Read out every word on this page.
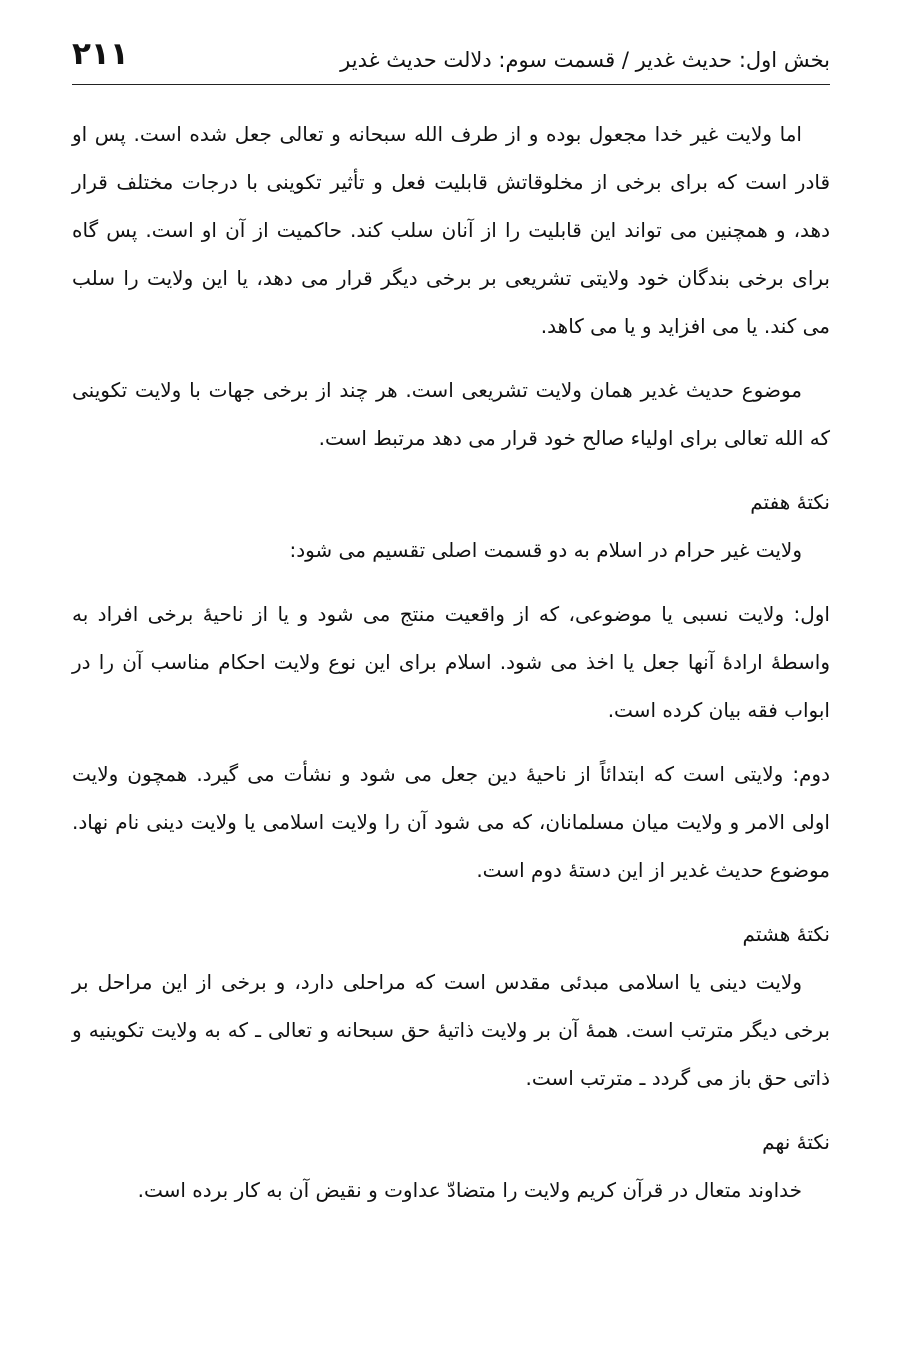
بخش اول: حدیث غدیر / قسمت سوم: دلالت حدیث غدیر
۲۱۱

اما ولایت غیر خدا مجعول بوده و از طرف الله سبحانه و تعالی جعل شده است. پس او قادر است که برای برخی از مخلوقاتش قابلیت فعل و تأثیر تکوینی با درجات مختلف قرار دهد، و همچنین می تواند این قابلیت را از آنان سلب کند. حاکمیت از آن او است. پس گاه برای برخی بندگان خود ولایتی تشریعی بر برخی دیگر قرار می دهد، یا این ولایت را سلب می کند. یا می افزاید و یا می کاهد.

موضوع حدیث غدیر همان ولایت تشریعی است. هر چند از برخی جهات با ولایت تکوینی که الله تعالی برای اولیاء صالح خود قرار می دهد مرتبط است.

نکتهٔ هفتم

ولایت غیر حرام در اسلام به دو قسمت اصلی تقسیم می شود:

اول: ولایت نسبی یا موضوعی، که از واقعیت منتج می شود و یا از ناحیهٔ برخی افراد به واسطهٔ ارادهٔ آنها جعل یا اخذ می شود. اسلام برای این نوع ولایت احکام مناسب آن را در ابواب فقه بیان کرده است.

دوم: ولایتی است که ابتدائاً از ناحیهٔ دین جعل می شود و نشأت می گیرد. همچون ولایت اولی الامر و ولایت میان مسلمانان، که می شود آن را ولایت اسلامی یا ولایت دینی نام نهاد. موضوع حدیث غدیر از این دستهٔ دوم است.

نکتهٔ هشتم

ولایت دینی یا اسلامی مبدئی مقدس است که مراحلی دارد، و برخی از این مراحل بر برخی دیگر مترتب است. همهٔ آن بر ولایت ذاتیهٔ حق سبحانه و تعالی ـ که به ولایت تکوینیه و ذاتی حق باز می گردد ـ مترتب است.

نکتهٔ نهم

خداوند متعال در قرآن کریم ولایت را متضادّ عداوت و نقیض آن به کار برده است.
